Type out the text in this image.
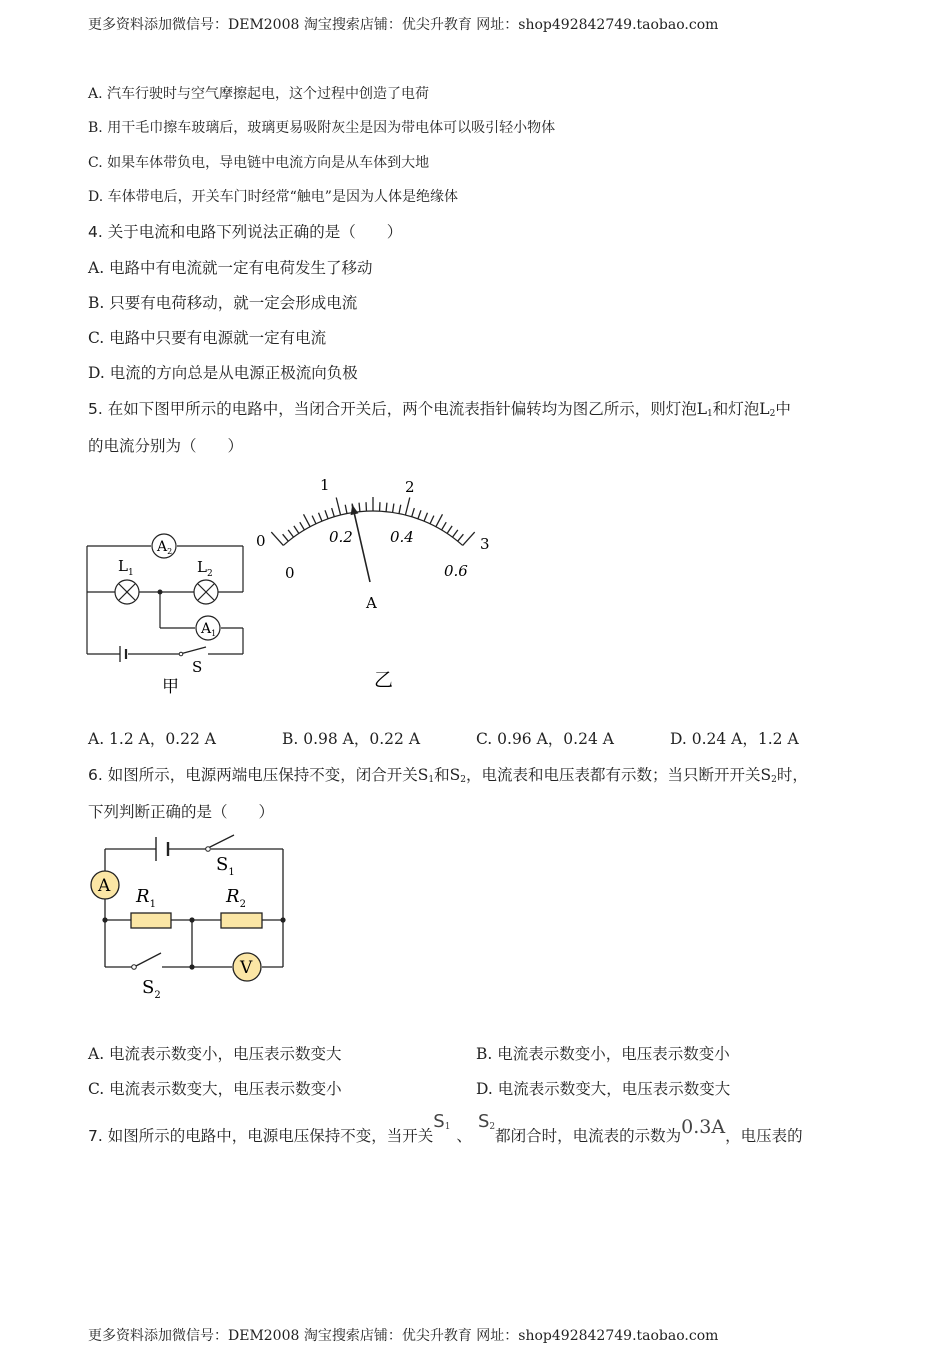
更多资料添加微信号：DEM2008 淘宝搜索店铺：优尖升教育 网址：shop492842749.taobao.com
A. 汽车行驶时与空气摩擦起电，这个过程中创造了电荷
B. 用干毛巾擦车玻璃后，玻璃更易吸附灰尘是因为带电体可以吸引轻小物体
C. 如果车体带负电，导电链中电流方向是从车体到大地
D. 车体带电后，开关车门时经常“触电”是因为人体是绝缘体
4. 关于电流和电路下列说法正确的是（　　）
A. 电路中有电流就一定有电荷发生了移动
B. 只要有电荷移动，就一定会形成电流
C. 电路中只要有电源就一定有电流
D. 电流的方向总是从电源正极流向负极
5. 在如下图甲所示的电路中，当闭合开关后，两个电流表指针偏转均为图乙所示，则灯泡$L_1$和灯泡$L_2$中
的电流分别为（　　）
$A_2$
$A_1$
$L_1$	$L_2$
S
甲
0
1	2
3
0
0.2 0.4
0.6
A
乙
A. 1.2 A，0.22 A	B. 0.98 A，0.22 A	C. 0.96 A，0.24 A	D. 0.24 A，1.2 A
6. 如图所示，电源两端电压保持不变，闭合开关$S_1$和$S_2$，电流表和电压表都有示数；当只断开开关$S_2$时，
下列判断正确的是（　　）
A
V
$R_1$	$R_2$
$S_1$
$S_2$
A. 电流表示数变小，电压表示数变大	B. 电流表示数变小，电压表示数变小
C. 电流表示数变大，电压表示数变小	D. 电流表示数变大，电压表示数变大
7. 如图所示的电路中，电源电压保持不变，当开关$S_1$ 、$S_2$都闭合时，电流表的示数为0.3A，电压表的
更多资料添加微信号：DEM2008 淘宝搜索店铺：优尖升教育 网址：shop492842749.taobao.com
